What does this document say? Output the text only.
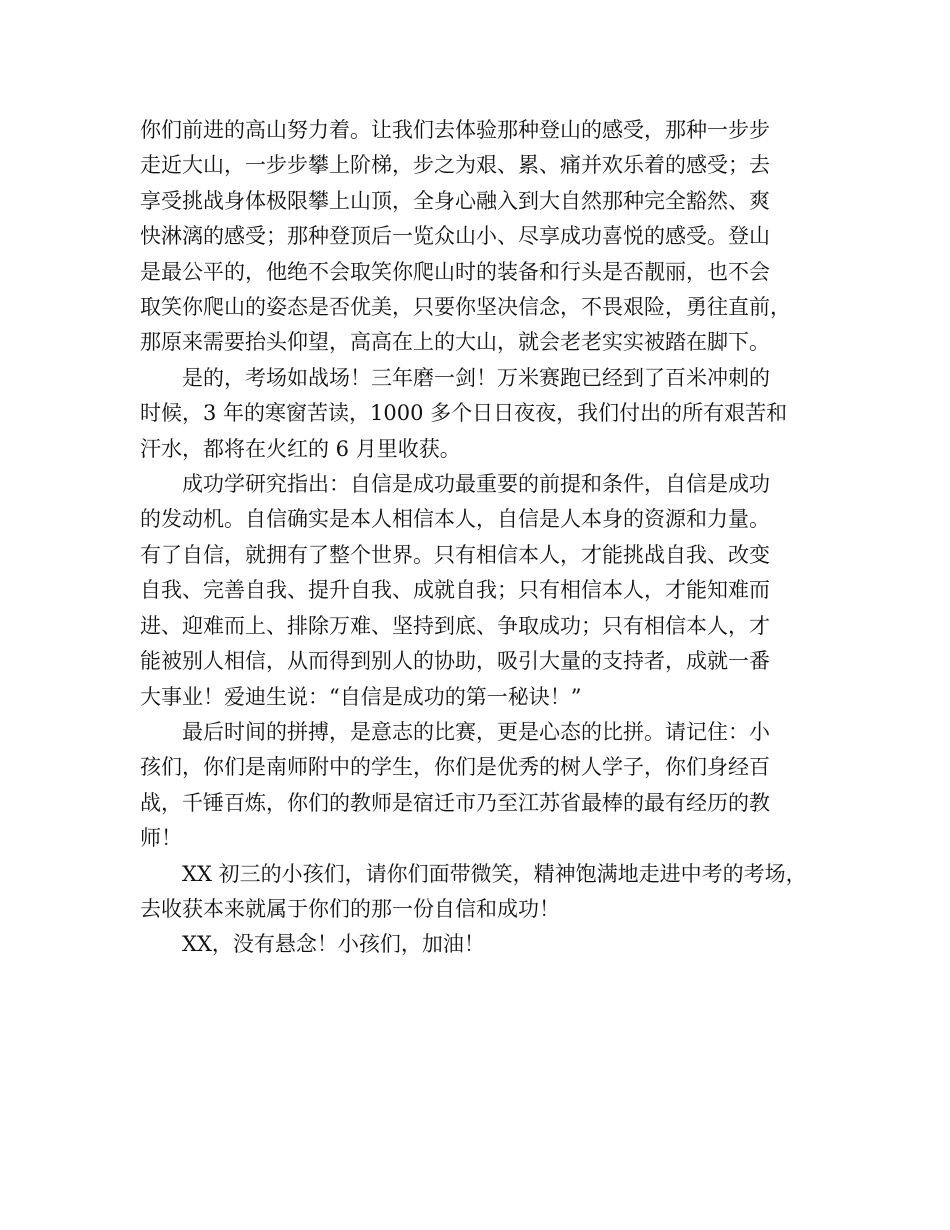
你们前进的高山努力着。让我们去体验那种登山的感受，那种一步步
走近大山，一步步攀上阶梯，步之为艰、累、痛并欢乐着的感受；去
享受挑战身体极限攀上山顶，全身心融入到大自然那种完全豁然、爽
快淋漓的感受；那种登顶后一览众山小、尽享成功喜悦的感受。登山
是最公平的，他绝不会取笑你爬山时的装备和行头是否靓丽，也不会
取笑你爬山的姿态是否优美，只要你坚决信念，不畏艰险，勇往直前，
那原来需要抬头仰望，高高在上的大山，就会老老实实被踏在脚下。
是的，考场如战场！三年磨一剑！万米赛跑已经到了百米冲刺的
时候，3 年的寒窗苦读，1000 多个日日夜夜，我们付出的所有艰苦和
汗水，都将在火红的 6 月里收获。
成功学研究指出：自信是成功最重要的前提和条件，自信是成功
的发动机。自信确实是本人相信本人，自信是人本身的资源和力量。
有了自信，就拥有了整个世界。只有相信本人，才能挑战自我、改变
自我、完善自我、提升自我、成就自我；只有相信本人，才能知难而
进、迎难而上、排除万难、坚持到底、争取成功；只有相信本人，才
能被别人相信，从而得到别人的协助，吸引大量的支持者，成就一番
大事业！爱迪生说：“自信是成功的第一秘诀！”
最后时间的拼搏，是意志的比赛，更是心态的比拼。请记住：小
孩们，你们是南师附中的学生，你们是优秀的树人学子，你们身经百
战，千锤百炼，你们的教师是宿迁市乃至江苏省最棒的最有经历的教
师！
XX 初三的小孩们，请你们面带微笑，精神饱满地走进中考的考场，
去收获本来就属于你们的那一份自信和成功！
XX，没有悬念！小孩们，加油！
